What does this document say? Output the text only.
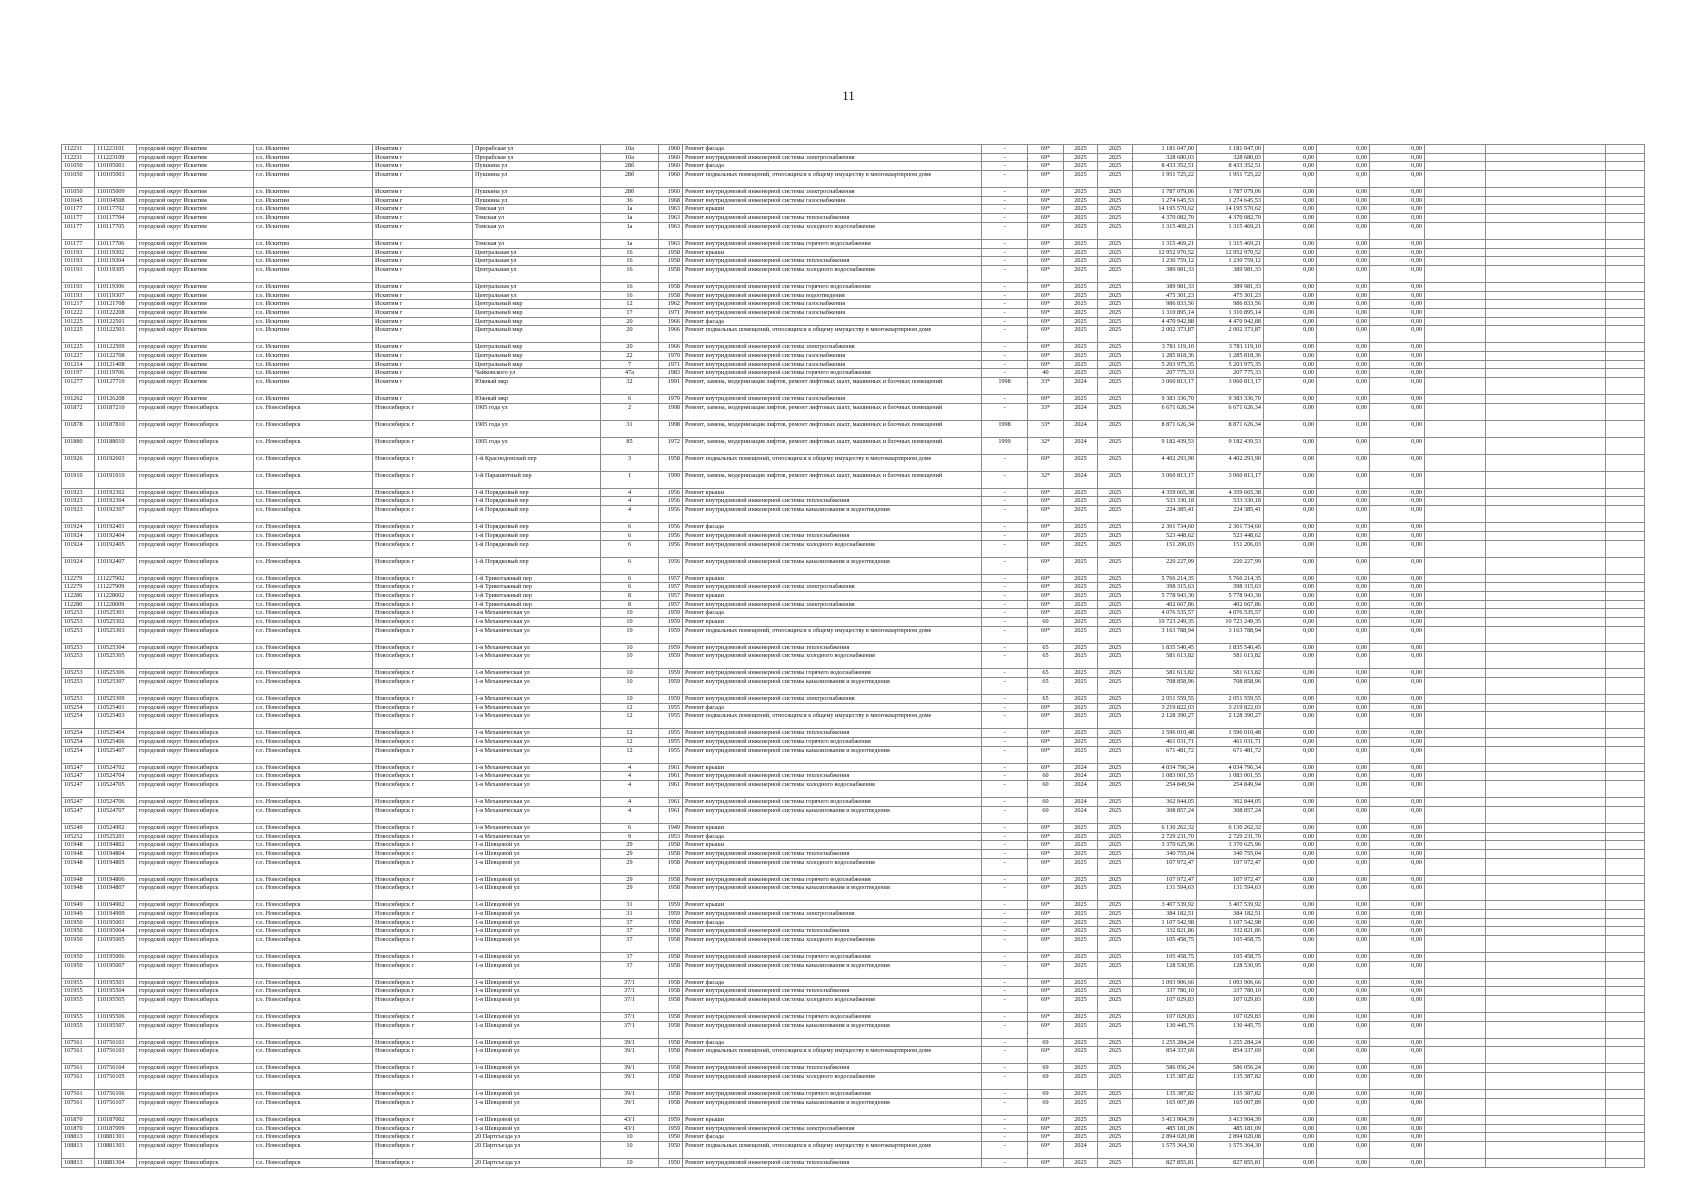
11
112231	111223101	городской округ Искитим	г.о. Искитим	Искитим г	Прорабская ул	10а	1960	Ремонт фасада	-	69*	2025	2025	1 181 047,00	1 181 047,00	0,00	0,00	0,00			
112231	111223109	городской округ Искитим	г.о. Искитим	Искитим г	Прорабская ул	10а	1960	Ремонт внутридомовой инженерной системы электроснабжения	-	69*	2025	2025	328 680,03	328 680,03	0,00	0,00	0,00			
101050	110105001	городской округ Искитим	г.о. Искитим	Искитим г	Пушкина ул	28б	1960	Ремонт фасада	-	69*	2025	2025	8 433 352,51	8 433 352,51	0,00	0,00	0,00			
101050	110105003	городской округ Искитим	г.о. Искитим	Искитим г	Пушкина ул	28б	1960	Ремонт подвальных помещений, относящихся к общему имуществу в многоквартирном доме	-	69*	2025	2025	1 951 725,22	1 951 725,22	0,00	0,00	0,00			
101050	110105009	городской округ Искитим	г.о. Искитим	Искитим г	Пушкина ул	28б	1960	Ремонт внутридомовой инженерной системы электроснабжения	-	69*	2025	2025	1 787 079,06	1 787 079,06	0,00	0,00	0,00			
101045	110104508	городской округ Искитим	г.о. Искитим	Искитим г	Пушкина ул	36	1968	Ремонт внутридомовой инженерной системы газоснабжения	-	69*	2025	2025	1 274 645,53	1 274 645,53	0,00	0,00	0,00			
101177	110117702	городской округ Искитим	г.о. Искитим	Искитим г	Томская ул	1а	1963	Ремонт крыши	-	69*	2025	2025	14 195 570,62	14 195 570,62	0,00	0,00	0,00			
101177	110117704	городской округ Искитим	г.о. Искитим	Искитим г	Томская ул	1а	1963	Ремонт внутридомовой инженерной системы теплоснабжения	-	69*	2025	2025	4 370 082,70	4 370 082,70	0,00	0,00	0,00			
101177	110117705	городской округ Искитим	г.о. Искитим	Искитим г	Томская ул	1а	1963	Ремонт внутридомовой инженерной системы холодного водоснабжения	-	69*	2025	2025	1 315 469,21	1 315 469,21	0,00	0,00	0,00			
101177	110117706	городской округ Искитим	г.о. Искитим	Искитим г	Томская ул	1а	1963	Ремонт внутридомовой инженерной системы горячего водоснабжения	-	69*	2025	2025	1 315 469,21	1 315 469,21	0,00	0,00	0,00			
101193	110119302	городской округ Искитим	г.о. Искитим	Искитим г	Центральная ул	16	1958	Ремонт крыши	-	69*	2025	2025	12 952 970,52	12 952 970,52	0,00	0,00	0,00			
101193	110119304	городской округ Искитим	г.о. Искитим	Искитим г	Центральная ул	16	1958	Ремонт внутридомовой инженерной системы теплоснабжения	-	69*	2025	2025	1 230 759,12	1 230 759,12	0,00	0,00	0,00			
101193	110119305	городской округ Искитим	г.о. Искитим	Искитим г	Центральная ул	16	1958	Ремонт внутридомовой инженерной системы холодного водоснабжения	-	69*	2025	2025	389 981,33	389 981,33	0,00	0,00	0,00			
101193	110119306	городской округ Искитим	г.о. Искитим	Искитим г	Центральная ул	16	1958	Ремонт внутридомовой инженерной системы горячего водоснабжения	-	69*	2025	2025	389 981,33	389 981,33	0,00	0,00	0,00			
101193	110119307	городской округ Искитим	г.о. Искитим	Искитим г	Центральная ул	16	1958	Ремонт внутридомовой инженерной системы водоотведения	-	69*	2025	2025	475 301,23	475 301,23	0,00	0,00	0,00			
101217	110121708	городской округ Искитим	г.о. Искитим	Искитим г	Центральный мкр	12	1962	Ремонт внутридомовой инженерной системы газоснабжения	-	69*	2025	2025	986 833,56	986 833,56	0,00	0,00	0,00			
101222	110122208	городской округ Искитим	г.о. Искитим	Искитим г	Центральный мкр	17	1971	Ремонт внутридомовой инженерной системы газоснабжения	-	69*	2025	2025	1 310 895,14	1 310 895,14	0,00	0,00	0,00			
101225	110122501	городской округ Искитим	г.о. Искитим	Искитим г	Центральный мкр	20	1966	Ремонт фасада	-	69*	2025	2025	4 470 942,88	4 470 942,88	0,00	0,00	0,00			
101225	110122503	городской округ Искитим	г.о. Искитим	Искитим г	Центральный мкр	20	1966	Ремонт подвальных помещений, относящихся к общему имуществу в многоквартирном доме	-	69*	2025	2025	2 002 373,87	2 002 373,87	0,00	0,00	0,00			
101225	110122509	городской округ Искитим	г.о. Искитим	Искитим г	Центральный мкр	20	1966	Ремонт внутридомовой инженерной системы электроснабжения	-	69*	2025	2025	3 781 119,10	3 781 119,10	0,00	0,00	0,00			
101227	110122708	городской округ Искитим	г.о. Искитим	Искитим г	Центральный мкр	22	1970	Ремонт внутридомовой инженерной системы газоснабжения	-	69*	2025	2025	1 285 818,36	1 285 818,36	0,00	0,00	0,00			
101214	110121408	городской округ Искитим	г.о. Искитим	Искитим г	Центральный мкр	7	1971	Ремонт внутридомовой инженерной системы газоснабжения	-	69*	2025	2025	5 203 975,35	5 203 975,35	0,00	0,00	0,00			
101197	110119706	городской округ Искитим	г.о. Искитим	Искитим г	Чайковского ул	47а	1983	Ремонт внутридомовой инженерной системы горячего водоснабжения	-	40	2025	2025	207 775,33	207 775,33	0,00	0,00	0,00			
101277	110127710	городской округ Искитим	г.о. Искитим	Искитим г	Южный мкр	32	1991	Ремонт, замена, модернизация лифтов, ремонт лифтовых шахт, машинных и блочных помещений	1998	33*	2024	2025	3 060 813,17	3 060 813,17	0,00	0,00	0,00			
101262	110126208	городской округ Искитим	г.о. Искитим	Искитим г	Южный мкр	6	1970	Ремонт внутридомовой инженерной системы газоснабжения	-	69*	2025	2025	9 383 336,70	9 383 336,70	0,00	0,00	0,00			
101872	110187210	городской округ Новосибирск	г.о. Новосибирск	Новосибирск г	1905 года ул	2	1998	Ремонт, замена, модернизация лифтов, ремонт лифтовых шахт, машинных и блочных помещений	-	33*	2024	2025	6 671 626,34	6 671 626,34	0,00	0,00	0,00			
101878	110187810	городской округ Новосибирск	г.о. Новосибирск	Новосибирск г	1905 года ул	31	1998	Ремонт, замена, модернизация лифтов, ремонт лифтовых шахт, машинных и блочных помещений	1998	33*	2024	2025	8 871 626,34	8 871 626,34	0,00	0,00	0,00			
101880	110188010	городской округ Новосибирск	г.о. Новосибирск	Новосибирск г	1905 года ул	85	1972	Ремонт, замена, модернизация лифтов, ремонт лифтовых шахт, машинных и блочных помещений	1999	32*	2024	2025	9 182 439,53	9 182 439,53	0,00	0,00	0,00			
101926	110192603	городской округ Новосибирск	г.о. Новосибирск	Новосибирск г	1-й Краснодонский пер	3	1958	Ремонт подвальных помещений, относящихся к общему имуществу в многоквартирном доме	-	69*	2025	2025	4 402 293,90	4 402 293,90	0,00	0,00	0,00			
101910	110191010	городской округ Новосибирск	г.о. Новосибирск	Новосибирск г	1-й Парашютный пер	1	1999	Ремонт, замена, модернизация лифтов, ремонт лифтовых шахт, машинных и блочных помещений	-	32*	2024	2025	3 060 813,17	3 060 813,17	0,00	0,00	0,00			
101923	110192302	городской округ Новосибирск	г.о. Новосибирск	Новосибирск г	1-й Порядковый пер	4	1956	Ремонт крыши	-	69*	2025	2025	4 359 665,38	4 359 665,38	0,00	0,00	0,00			
101923	110192304	городской округ Новосибирск	г.о. Новосибирск	Новосибирск г	1-й Порядковый пер	4	1956	Ремонт внутридомовой инженерной системы теплоснабжения	-	69*	2025	2025	533 330,18	533 330,18	0,00	0,00	0,00			
101923	110192307	городской округ Новосибирск	г.о. Новосибирск	Новосибирск г	1-й Порядковый пер	4	1956	Ремонт внутридомовой инженерной системы канализования и водоотведения	-	69*	2025	2025	224 385,41	224 385,41	0,00	0,00	0,00			
101924	110192401	городской округ Новосибирск	г.о. Новосибирск	Новосибирск г	1-й Порядковый пер	6	1956	Ремонт фасада	-	69*	2025	2025	2 301 734,60	2 301 734,60	0,00	0,00	0,00			
101924	110192404	городской округ Новосибирск	г.о. Новосибирск	Новосибирск г	1-й Порядковый пер	6	1956	Ремонт внутридомовой инженерной системы теплоснабжения	-	69*	2025	2025	523 448,62	523 448,62	0,00	0,00	0,00			
101924	110192405	городской округ Новосибирск	г.о. Новосибирск	Новосибирск г	1-й Порядковый пер	6	1956	Ремонт внутридомовой инженерной системы холодного водоснабжения	-	69*	2025	2025	151 206,03	151 206,03	0,00	0,00	0,00			
101924	110192407	городской округ Новосибирск	г.о. Новосибирск	Новосибирск г	1-й Порядковый пер	6	1956	Ремонт внутридомовой инженерной системы канализования и водоотведения	-	69*	2025	2025	220 227,99	220 227,99	0,00	0,00	0,00			
112279	111227902	городской округ Новосибирск	г.о. Новосибирск	Новосибирск г	1-й Трикотажный пер	6	1957	Ремонт крыши	-	69*	2025	2025	5 766 214,35	5 766 214,35	0,00	0,00	0,00			
112279	111227909	городской округ Новосибирск	г.о. Новосибирск	Новосибирск г	1-й Трикотажный пер	6	1957	Ремонт внутридомовой инженерной системы электроснабжения	-	69*	2025	2025	398 315,63	398 315,63	0,00	0,00	0,00			
112280	111228002	городской округ Новосибирск	г.о. Новосибирск	Новосибирск г	1-й Трикотажный пер	8	1957	Ремонт крыши	-	69*	2025	2025	5 778 943,30	5 778 943,30	0,00	0,00	0,00			
112280	111228009	городской округ Новосибирск	г.о. Новосибирск	Новосибирск г	1-й Трикотажный пер	8	1957	Ремонт внутридомовой инженерной системы электроснабжения	-	69*	2025	2025	402 667,86	402 667,86	0,00	0,00	0,00			
105253	110525301	городской округ Новосибирск	г.о. Новосибирск	Новосибирск г	1-я Механическая ул	10	1959	Ремонт фасада	-	69*	2025	2025	4 076 535,57	4 076 535,57	0,00	0,00	0,00			
105253	110525302	городской округ Новосибирск	г.о. Новосибирск	Новосибирск г	1-я Механическая ул	10	1959	Ремонт крыши	-	60	2025	2025	10 723 249,35	10 723 249,35	0,00	0,00	0,00			
105253	110525303	городской округ Новосибирск	г.о. Новосибирск	Новосибирск г	1-я Механическая ул	10	1959	Ремонт подвальных помещений, относящихся к общему имуществу в многоквартирном доме	-	69*	2025	2025	3 163 788,94	3 163 788,94	0,00	0,00	0,00			
105253	110525304	городской округ Новосибирск	г.о. Новосибирск	Новосибирск г	1-я Механическая ул	10	1959	Ремонт внутридомовой инженерной системы теплоснабжения	-	65	2025	2025	1 835 540,45	1 835 540,45	0,00	0,00	0,00			
105253	110525305	городской округ Новосибирск	г.о. Новосибирск	Новосибирск г	1-я Механическая ул	10	1959	Ремонт внутридомовой инженерной системы холодного водоснабжения	-	65	2025	2025	581 613,82	581 613,82	0,00	0,00	0,00			
105253	110525306	городской округ Новосибирск	г.о. Новосибирск	Новосибирск г	1-я Механическая ул	10	1959	Ремонт внутридомовой инженерной системы горячего водоснабжения	-	65	2025	2025	581 613,82	581 613,82	0,00	0,00	0,00			
105253	110525307	городской округ Новосибирск	г.о. Новосибирск	Новосибирск г	1-я Механическая ул	10	1959	Ремонт внутридомовой инженерной системы канализования и водоотведения	-	65	2025	2025	708 858,96	708 858,96	0,00	0,00	0,00			
105253	110525309	городской округ Новосибирск	г.о. Новосибирск	Новосибирск г	1-я Механическая ул	10	1959	Ремонт внутридомовой инженерной системы электроснабжения	-	65	2025	2025	2 051 559,55	2 051 559,55	0,00	0,00	0,00			
105254	110525401	городской округ Новосибирск	г.о. Новосибирск	Новосибирск г	1-я Механическая ул	12	1955	Ремонт фасада	-	69*	2025	2025	3 219 822,03	3 219 822,03	0,00	0,00	0,00			
105254	110525403	городской округ Новосибирск	г.о. Новосибирск	Новосибирск г	1-я Механическая ул	12	1955	Ремонт подвальных помещений, относящихся к общему имуществу в многоквартирном доме	-	69*	2025	2025	2 128 390,27	2 128 390,27	0,00	0,00	0,00			
105254	110525404	городской округ Новосибирск	г.о. Новосибирск	Новосибирск г	1-я Механическая ул	12	1955	Ремонт внутридомовой инженерной системы теплоснабжения	-	69*	2025	2025	1 596 010,48	1 596 010,48	0,00	0,00	0,00			
105254	110525406	городской округ Новосибирск	г.о. Новосибирск	Новосибирск г	1-я Механическая ул	12	1955	Ремонт внутридомовой инженерной системы горячего водоснабжения	-	69*	2025	2025	461 031,71	461 031,71	0,00	0,00	0,00			
105254	110525407	городской округ Новосибирск	г.о. Новосибирск	Новосибирск г	1-я Механическая ул	12	1955	Ремонт внутридомовой инженерной системы канализования и водоотведения	-	69*	2025	2025	671 481,72	671 481,72	0,00	0,00	0,00			
105247	110524702	городской округ Новосибирск	г.о. Новосибирск	Новосибирск г	1-я Механическая ул	4	1961	Ремонт крыши	-	69*	2024	2025	4 034 796,34	4 034 796,34	0,00	0,00	0,00			
105247	110524704	городской округ Новосибирск	г.о. Новосибирск	Новосибирск г	1-я Механическая ул	4	1961	Ремонт внутридомовой инженерной системы теплоснабжения	-	60	2024	2025	1 083 001,55	1 083 001,55	0,00	0,00	0,00			
105247	110524705	городской округ Новосибирск	г.о. Новосибирск	Новосибирск г	1-я Механическая ул	4	1961	Ремонт внутридомовой инженерной системы холодного водоснабжения	-	60	2024	2025	254 849,94	254 849,94	0,00	0,00	0,00			
105247	110524706	городской округ Новосибирск	г.о. Новосибирск	Новосибирск г	1-я Механическая ул	4	1961	Ремонт внутридомовой инженерной системы горячего водоснабжения	-	60	2024	2025	362 844,05	362 844,05	0,00	0,00	0,00			
105247	110524707	городской округ Новосибирск	г.о. Новосибирск	Новосибирск г	1-я Механическая ул	4	1961	Ремонт внутридомовой инженерной системы канализования и водоотведения	-	60	2024	2025	308 857,24	308 857,24	0,00	0,00	0,00			
105249	110524902	городской округ Новосибирск	г.о. Новосибирск	Новосибирск г	1-я Механическая ул	6	1949	Ремонт крыши	-	69*	2025	2025	6 130 262,32	6 130 262,32	0,00	0,00	0,00			
105252	110525201	городской округ Новосибирск	г.о. Новосибирск	Новосибирск г	1-я Механическая ул	9	1953	Ремонт фасада	-	69*	2025	2025	2 729 231,70	2 729 231,70	0,00	0,00	0,00			
101948	110194802	городской округ Новосибирск	г.о. Новосибирск	Новосибирск г	1-я Шевцовой ул	29	1958	Ремонт крыши	-	69*	2025	2025	3 370 625,96	3 370 625,96	0,00	0,00	0,00			
101948	110194804	городской округ Новосибирск	г.о. Новосибирск	Новосибирск г	1-я Шевцовой ул	29	1958	Ремонт внутридомовой инженерной системы теплоснабжения	-	69*	2025	2025	340 755,04	340 755,04	0,00	0,00	0,00			
101948	110194805	городской округ Новосибирск	г.о. Новосибирск	Новосибирск г	1-я Шевцовой ул	29	1958	Ремонт внутридомовой инженерной системы холодного водоснабжения	-	69*	2025	2025	107 972,47	107 972,47	0,00	0,00	0,00			
101948	110194806	городской округ Новосибирск	г.о. Новосибирск	Новосибирск г	1-я Шевцовой ул	29	1958	Ремонт внутридомовой инженерной системы горячего водоснабжения	-	69*	2025	2025	107 972,47	107 972,47	0,00	0,00	0,00			
101948	110194807	городской округ Новосибирск	г.о. Новосибирск	Новосибирск г	1-я Шевцовой ул	29	1958	Ремонт внутридомовой инженерной системы канализования и водоотведения	-	69*	2025	2025	131 594,63	131 594,63	0,00	0,00	0,00			
101949	110194902	городской округ Новосибирск	г.о. Новосибирск	Новосибирск г	1-я Шевцовой ул	31	1959	Ремонт крыши	-	69*	2025	2025	3 407 539,92	3 407 539,92	0,00	0,00	0,00			
101949	110194909	городской округ Новосибирск	г.о. Новосибирск	Новосибирск г	1-я Шевцовой ул	31	1959	Ремонт внутридомовой инженерной системы электроснабжения	-	69*	2025	2025	384 182,51	384 182,51	0,00	0,00	0,00			
101950	110195001	городской округ Новосибирск	г.о. Новосибирск	Новосибирск г	1-я Шевцовой ул	37	1958	Ремонт фасада	-	69*	2025	2025	1 107 542,98	1 107 542,98	0,00	0,00	0,00			
101950	110195004	городской округ Новосибирск	г.о. Новосибирск	Новосибирск г	1-я Шевцовой ул	37	1958	Ремонт внутридомовой инженерной системы теплоснабжения	-	69*	2025	2025	332 821,86	332 821,86	0,00	0,00	0,00			
101950	110195005	городской округ Новосибирск	г.о. Новосибирск	Новосибирск г	1-я Шевцовой ул	37	1958	Ремонт внутридомовой инженерной системы холодного водоснабжения	-	69*	2025	2025	105 458,75	105 458,75	0,00	0,00	0,00			
101950	110195006	городской округ Новосибирск	г.о. Новосибирск	Новосибирск г	1-я Шевцовой ул	37	1958	Ремонт внутридомовой инженерной системы горячего водоснабжения	-	69*	2025	2025	105 458,75	105 458,75	0,00	0,00	0,00			
101950	110195007	городской округ Новосибирск	г.о. Новосибирск	Новосибирск г	1-я Шевцовой ул	37	1958	Ремонт внутридомовой инженерной системы канализования и водоотведения	-	69*	2025	2025	128 530,95	128 530,95	0,00	0,00	0,00			
101955	110195501	городской округ Новосибирск	г.о. Новосибирск	Новосибирск г	1-я Шевцовой ул	37/1	1958	Ремонт фасада	-	69*	2025	2025	1 093 906,66	1 093 906,66	0,00	0,00	0,00			
101955	110195504	городской округ Новосибирск	г.о. Новосибирск	Новосибирск г	1-я Шевцовой ул	37/1	1958	Ремонт внутридомовой инженерной системы теплоснабжения	-	69*	2025	2025	337 780,10	337 780,10	0,00	0,00	0,00			
101955	110195505	городской округ Новосибирск	г.о. Новосибирск	Новосибирск г	1-я Шевцовой ул	37/1	1958	Ремонт внутридомовой инженерной системы холодного водоснабжения	-	69*	2025	2025	107 029,83	107 029,83	0,00	0,00	0,00			
101955	110195506	городской округ Новосибирск	г.о. Новосибирск	Новосибирск г	1-я Шевцовой ул	37/1	1958	Ремонт внутридомовой инженерной системы горячего водоснабжения	-	69*	2025	2025	107 029,83	107 029,83	0,00	0,00	0,00			
101955	110195507	городской округ Новосибирск	г.о. Новосибирск	Новосибирск г	1-я Шевцовой ул	37/1	1958	Ремонт внутридомовой инженерной системы канализования и водоотведения	-	69*	2025	2025	130 445,75	130 445,75	0,00	0,00	0,00			
107561	110756101	городской округ Новосибирск	г.о. Новосибирск	Новосибирск г	1-я Шевцовой ул	39/1	1958	Ремонт фасада	-	69	2025	2025	1 255 284,24	1 255 284,24	0,00	0,00	0,00			
107561	110756103	городской округ Новосибирск	г.о. Новосибирск	Новосибирск г	1-я Шевцовой ул	39/1	1958	Ремонт подвальных помещений, относящихся к общему имуществу в многоквартирном доме	-	69*	2025	2025	854 337,69	854 337,69	0,00	0,00	0,00			
107561	110756104	городской округ Новосибирск	г.о. Новосибирск	Новосибирск г	1-я Шевцовой ул	39/1	1958	Ремонт внутридомовой инженерной системы теплоснабжения	-	69	2025	2025	586 056,24	586 056,24	0,00	0,00	0,00			
107561	110756105	городской округ Новосибирск	г.о. Новосибирск	Новосибирск г	1-я Шевцовой ул	39/1	1958	Ремонт внутридомовой инженерной системы холодного водоснабжения	-	69	2025	2025	135 387,82	135 387,82	0,00	0,00	0,00			
107561	110756106	городской округ Новосибирск	г.о. Новосибирск	Новосибирск г	1-я Шевцовой ул	39/1	1958	Ремонт внутридомовой инженерной системы горячего водоснабжения	-	69	2025	2025	135 387,82	135 387,82	0,00	0,00	0,00			
107561	110756107	городской округ Новосибирск	г.о. Новосибирск	Новосибирск г	1-я Шевцовой ул	39/1	1958	Ремонт внутридомовой инженерной системы канализования и водоотведения	-	69	2025	2025	165 007,89	165 007,89	0,00	0,00	0,00			
101870	110187002	городской округ Новосибирск	г.о. Новосибирск	Новосибирск г	1-я Шевцовой ул	43/1	1959	Ремонт крыши	-	69*	2025	2025	3 413 904,39	3 413 904,39	0,00	0,00	0,00			
101870	110187009	городской округ Новосибирск	г.о. Новосибирск	Новосибирск г	1-я Шевцовой ул	43/1	1959	Ремонт внутридомовой инженерной системы электроснабжения	-	69*	2025	2025	485 181,09	485 181,09	0,00	0,00	0,00			
108813	110881301	городской округ Новосибирск	г.о. Новосибирск	Новосибирск г	20 Партсъезда ул	10	1950	Ремонт фасада	-	69*	2025	2025	2 894 020,08	2 894 020,08	0,00	0,00	0,00			
108813	110881303	городской округ Новосибирск	г.о. Новосибирск	Новосибирск г	20 Партсъезда ул	10	1950	Ремонт подвальных помещений, относящихся к общему имуществу в многоквартирном доме	-	69*	2024	2025	1 575 364,30	1 575 364,30	0,00	0,00	0,00			
108813	110881304	городской округ Новосибирск	г.о. Новосибирск	Новосибирск г	20 Партсъезда ул	10	1950	Ремонт внутридомовой инженерной системы теплоснабжения	-	69*	2025	2025	827 855,81	827 855,81	0,00	0,00	0,00			
